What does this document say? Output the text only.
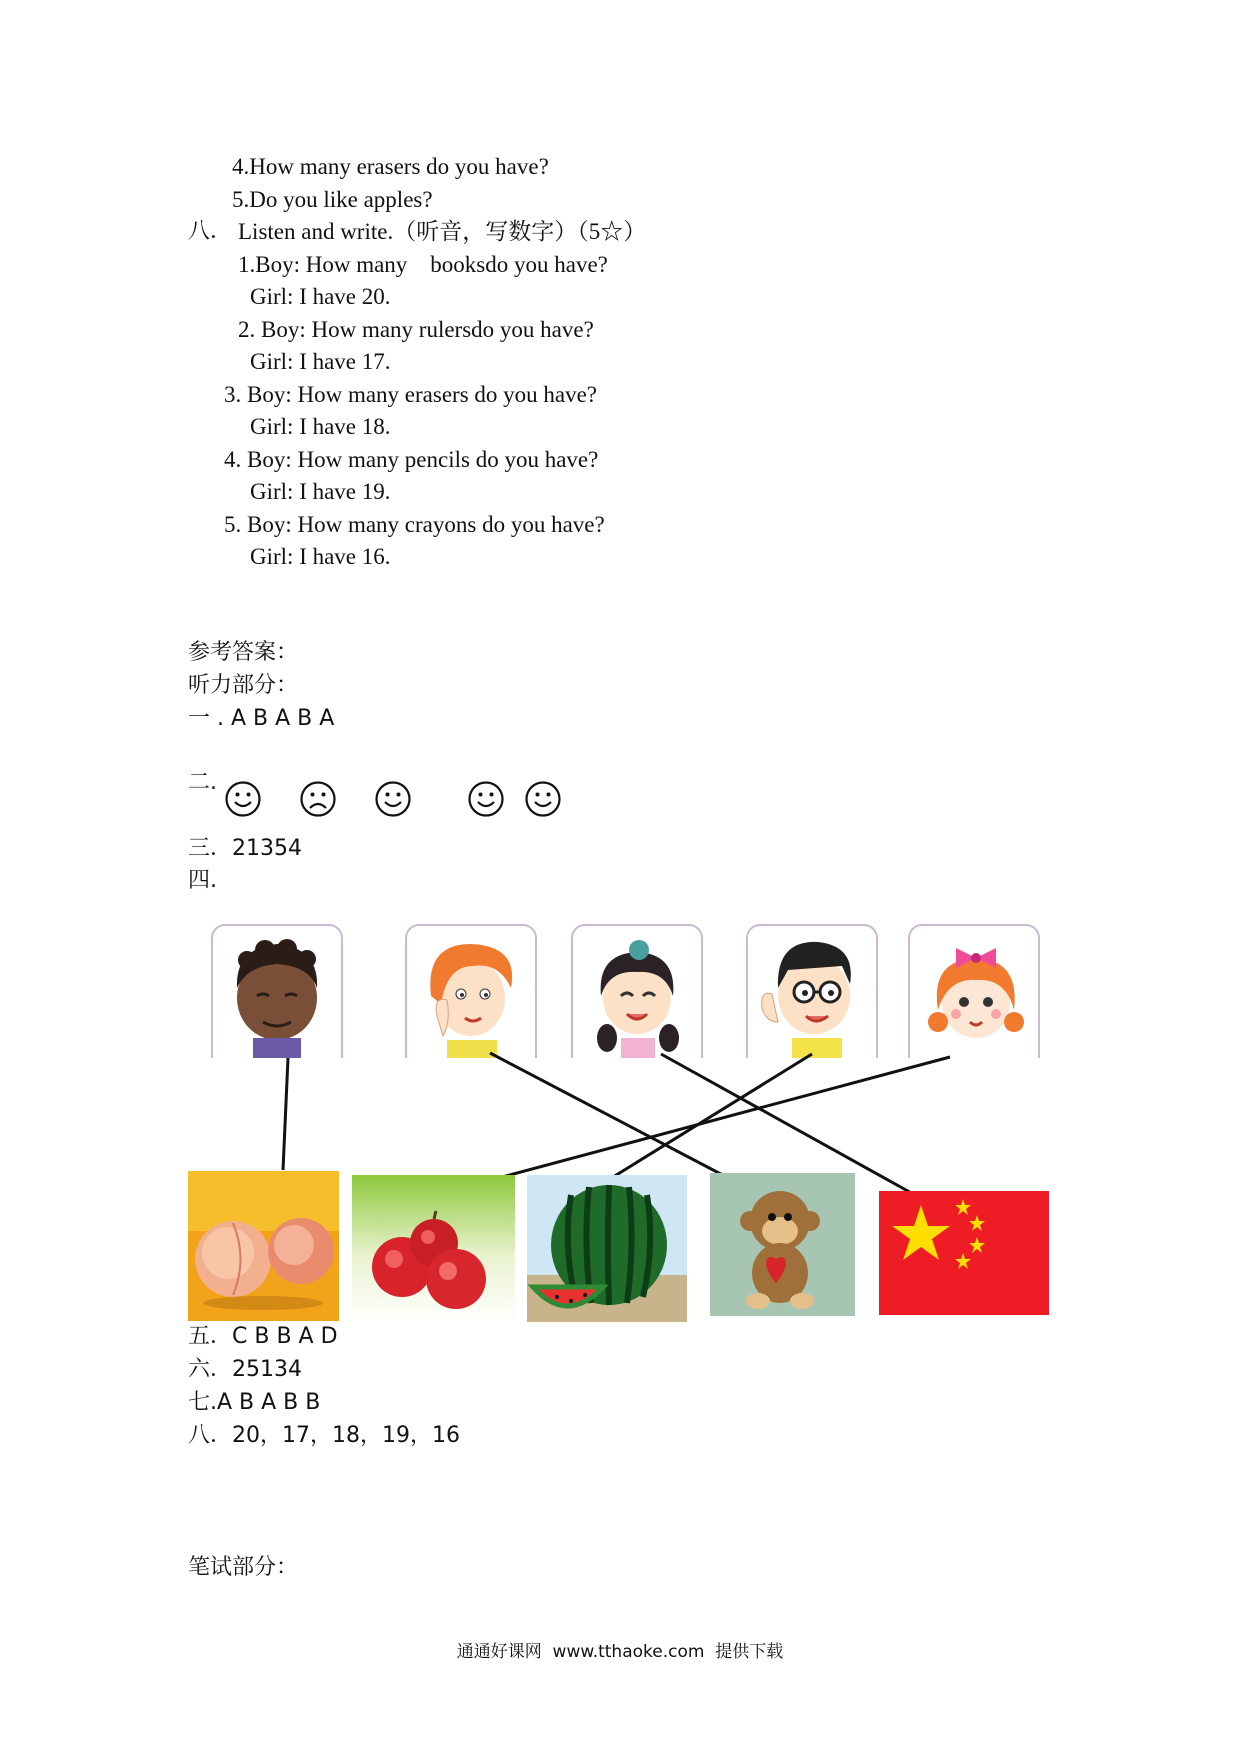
4.How many erasers do you have?
5.Do you like apples?
八． Listen and write.（听音，写数字）（5☆）
1.Boy: How many    booksdo you have?
Girl: I have 20.
2. Boy: How many rulersdo you have?
Girl: I have 17.
3. Boy: How many erasers do you have?
Girl: I have 18.
4. Boy: How many pencils do you have?
Girl: I have 19.
5. Boy: How many crayons do you have?
Girl: I have 16.
参考答案：
听力部分：
一 . A B A B A
二.
三．21354
四.
五．C B B A D
六．25134
七.A B A B B
八．20，17，18，19，16
笔试部分：
通通好课网  www.tthaoke.com  提供下载
